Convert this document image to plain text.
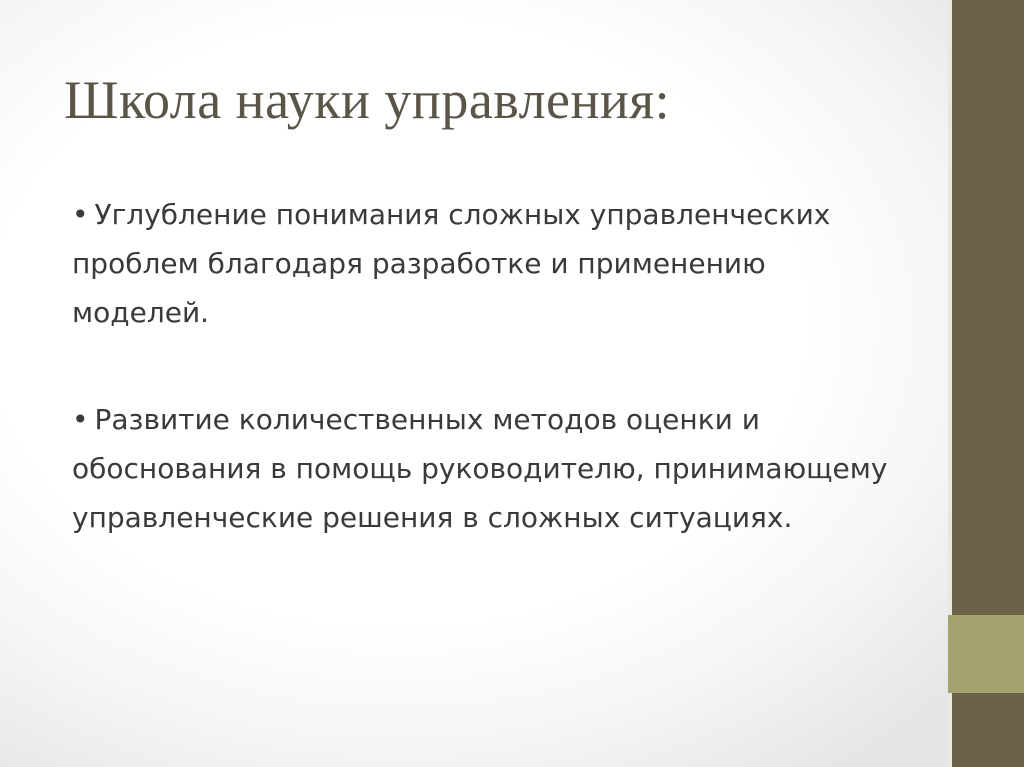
Школа науки управления:
• Углубление понимания сложных управленческих проблем благодаря разработке и применению моделей.
• Развитие количественных методов оценки и обоснования в помощь руководителю, принимающему управленческие решения в сложных ситуациях.
